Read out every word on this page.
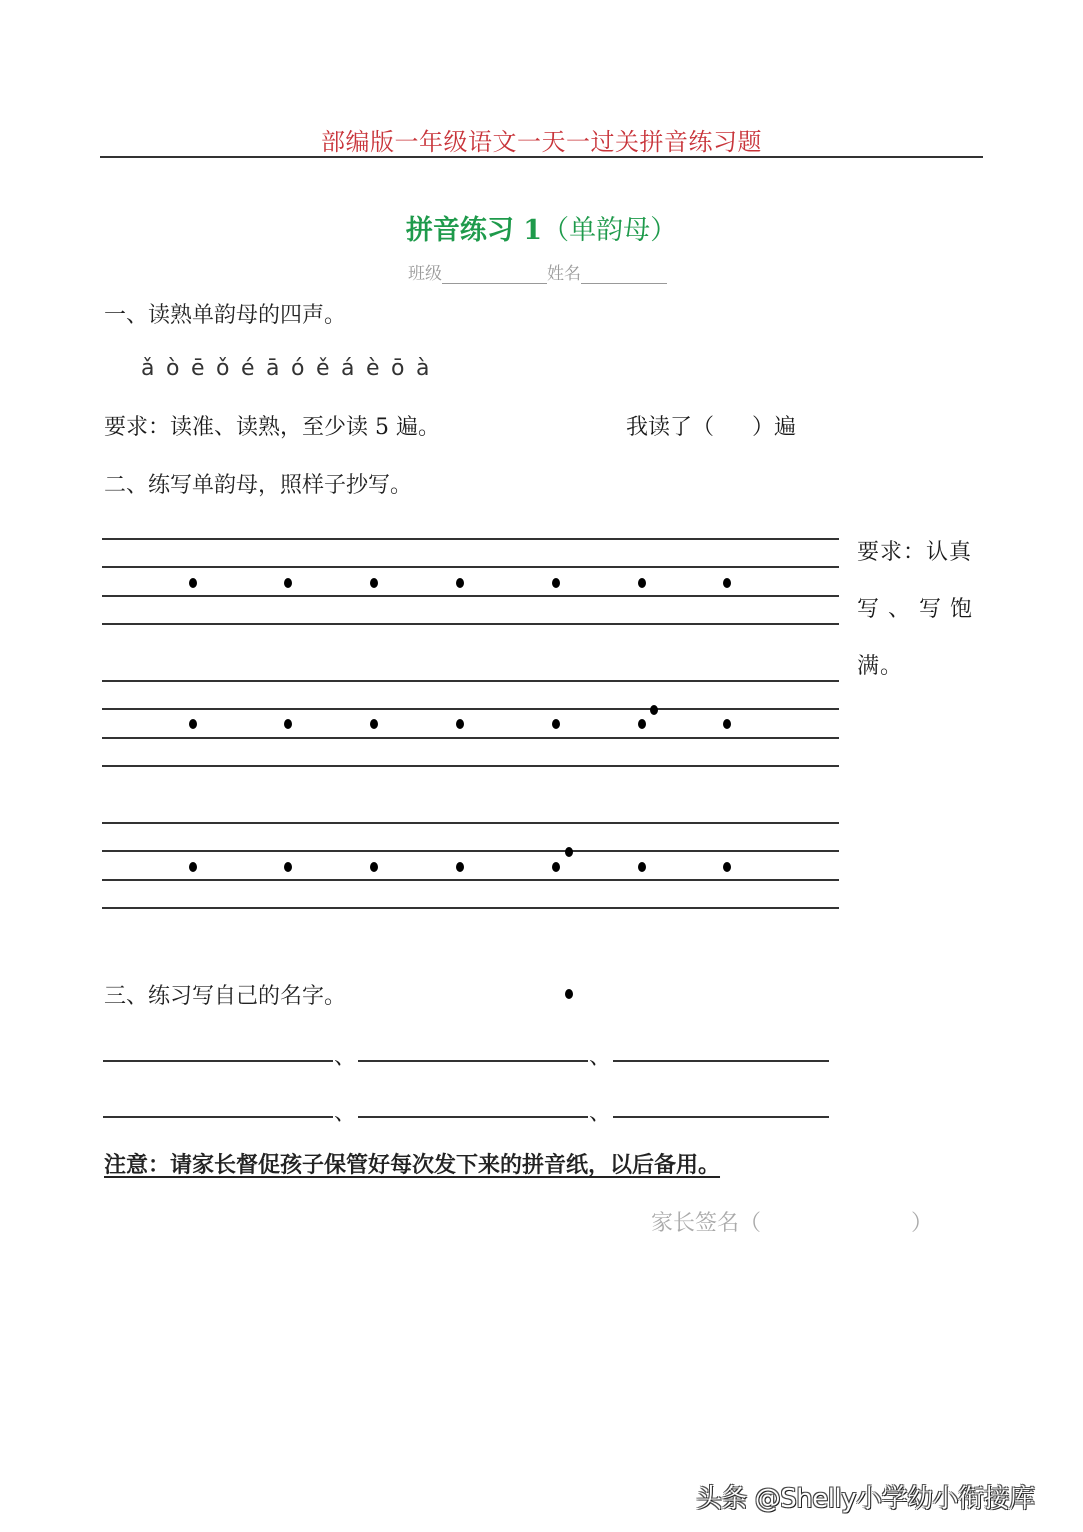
部编版一年级语文一天一过关拼音练习题
拼音练习 1（单韵母）
班级	姓名
一、读熟单韵母的四声。
ǎ ò ē ǒ é ā ó ě á è ō à
要求：读准、读熟，至少读 5 遍。	我读了（ ）遍
二、练写单韵母，照样子抄写。
要求：认真
写 、 写 饱
满。
三、练习写自己的名字。
、	、
、	、
注意：请家长督促孩子保管好每次发下来的拼音纸，以后备用。
家长签名（	）
头条 @Shelly小学幼小衔接库
